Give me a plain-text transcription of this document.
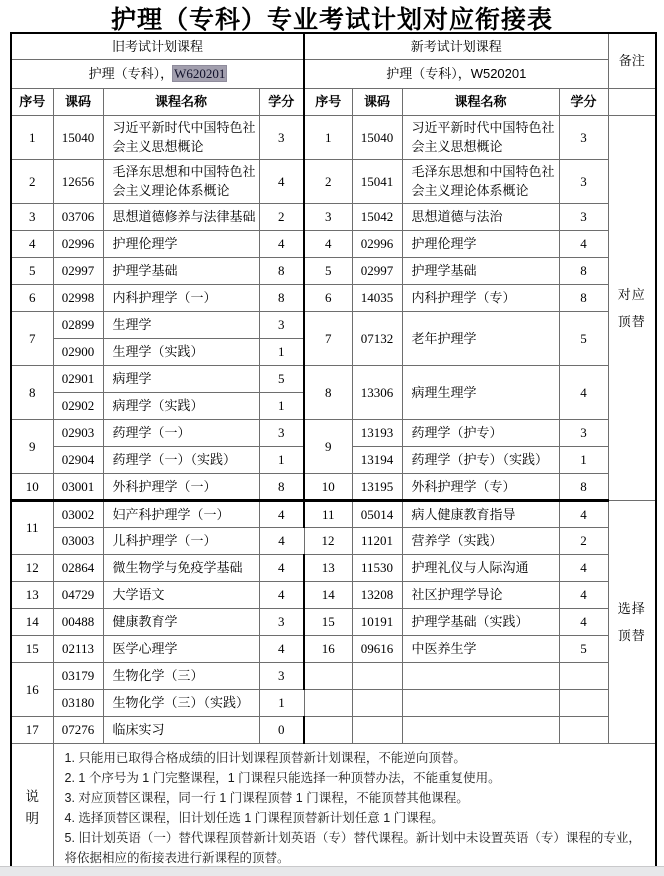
护理（专科）专业考试计划对应衔接表
旧考试计划课程				新考试计划课程				备注
护理（专科），W620201				护理（专科），W520201				
序号	课码	课程名称	学分	序号	课码	课程名称	学分	
1	15040	习近平新时代中国特色社会主义思想概论	3	1	15040	习近平新时代中国特色社会主义思想概论	3	对应
顶替
2	12656	毛泽东思想和中国特色社会主义理论体系概论	4	2	15041	毛泽东思想和中国特色社会主义理论体系概论	3	
3	03706	思想道德修养与法律基础	2	3	15042	思想道德与法治	3	
4	02996	护理伦理学	4	4	02996	护理伦理学	4	
5	02997	护理学基础	8	5	02997	护理学基础	8	
6	02998	内科护理学（一）	8	6	14035	内科护理学（专）	8	
7	02899	生理学	3	7	07132	老年护理学	5	
	02900	生理学（实践）	1					
8	02901	病理学	5	8	13306	病理生理学	4	
	02902	病理学（实践）	1					
9	02903	药理学（一）	3	9	13193	药理学（护专）	3	
	02904	药理学（一）（实践）	1		13194	药理学（护专）（实践）	1	
10	03001	外科护理学（一）	8	10	13195	外科护理学（专）	8	
11	03002	妇产科护理学（一）	4	11	05014	病人健康教育指导	4	选择
顶替
	03003	儿科护理学（一）	4	12	11201	营养学（实践）	2	
12	02864	微生物学与免疫学基础	4	13	11530	护理礼仪与人际沟通	4	
13	04729	大学语文	4	14	13208	社区护理学导论	4	
14	00488	健康教育学	3	15	10191	护理学基础（实践）	4	
15	02113	医学心理学	4	16	09616	中医养生学	5	
16	03179	生物化学（三）	3					
	03180	生物化学（三）（实践）	1					
17	07276	临床实习	0					
说
明	
1. 只能用已取得合格成绩的旧计划课程顶替新计划课程，不能逆向顶替。
2. 1 个序号为 1 门完整课程，1 门课程只能选择一种顶替办法，不能重复使用。
3. 对应顶替区课程，同一行 1 门课程顶替 1 门课程，不能顶替其他课程。
4. 选择顶替区课程，旧计划任选 1 门课程顶替新计划任意 1 门课程。
5. 旧计划英语（一）替代课程顶替新计划英语（专）替代课程。新计划中未设置英语（专）课程的专业，将依据相应的衔接表进行新课程的顶替。
